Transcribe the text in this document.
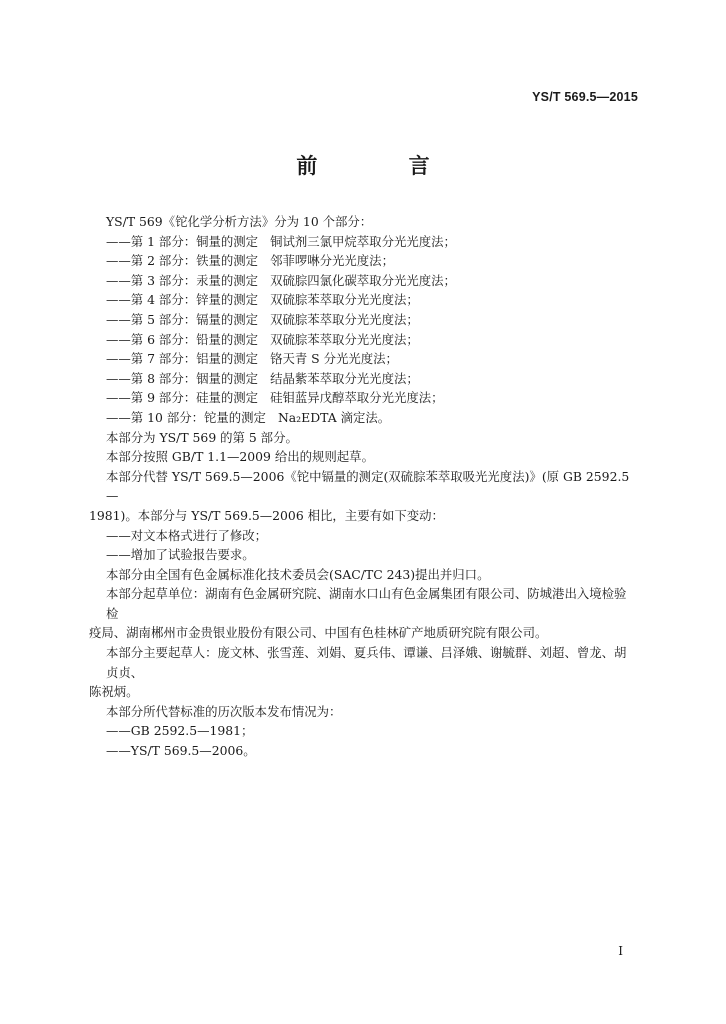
YS/T 569.5—2015
前 言
YS/T 569《铊化学分析方法》分为 10 个部分：
——第 1 部分：铜量的测定 铜试剂三氯甲烷萃取分光光度法；
——第 2 部分：铁量的测定 邻菲啰啉分光光度法；
——第 3 部分：汞量的测定 双硫腙四氯化碳萃取分光光度法；
——第 4 部分：锌量的测定 双硫腙苯萃取分光光度法；
——第 5 部分：镉量的测定 双硫腙苯萃取分光光度法；
——第 6 部分：铅量的测定 双硫腙苯萃取分光光度法；
——第 7 部分：铝量的测定 铬天青 S 分光光度法；
——第 8 部分：铟量的测定 结晶紫苯萃取分光光度法；
——第 9 部分：硅量的测定 硅钼蓝异戊醇萃取分光光度法；
——第 10 部分：铊量的测定 Na₂EDTA 滴定法。
本部分为 YS/T 569 的第 5 部分。
本部分按照 GB/T 1.1—2009 给出的规则起草。
本部分代替 YS/T 569.5—2006《铊中镉量的测定(双硫腙苯萃取吸光光度法)》(原 GB 2592.5—
1981)。本部分与 YS/T 569.5—2006 相比，主要有如下变动：
——对文本格式进行了修改；
——增加了试验报告要求。
本部分由全国有色金属标准化技术委员会(SAC/TC 243)提出并归口。
本部分起草单位：湖南有色金属研究院、湖南水口山有色金属集团有限公司、防城港出入境检验检
疫局、湖南郴州市金贵银业股份有限公司、中国有色桂林矿产地质研究院有限公司。
本部分主要起草人：庞文林、张雪莲、刘娟、夏兵伟、谭谦、吕泽娥、谢毓群、刘超、曾龙、胡贞贞、
陈祝炳。
本部分所代替标准的历次版本发布情况为：
——GB 2592.5—1981；
——YS/T 569.5—2006。
I
